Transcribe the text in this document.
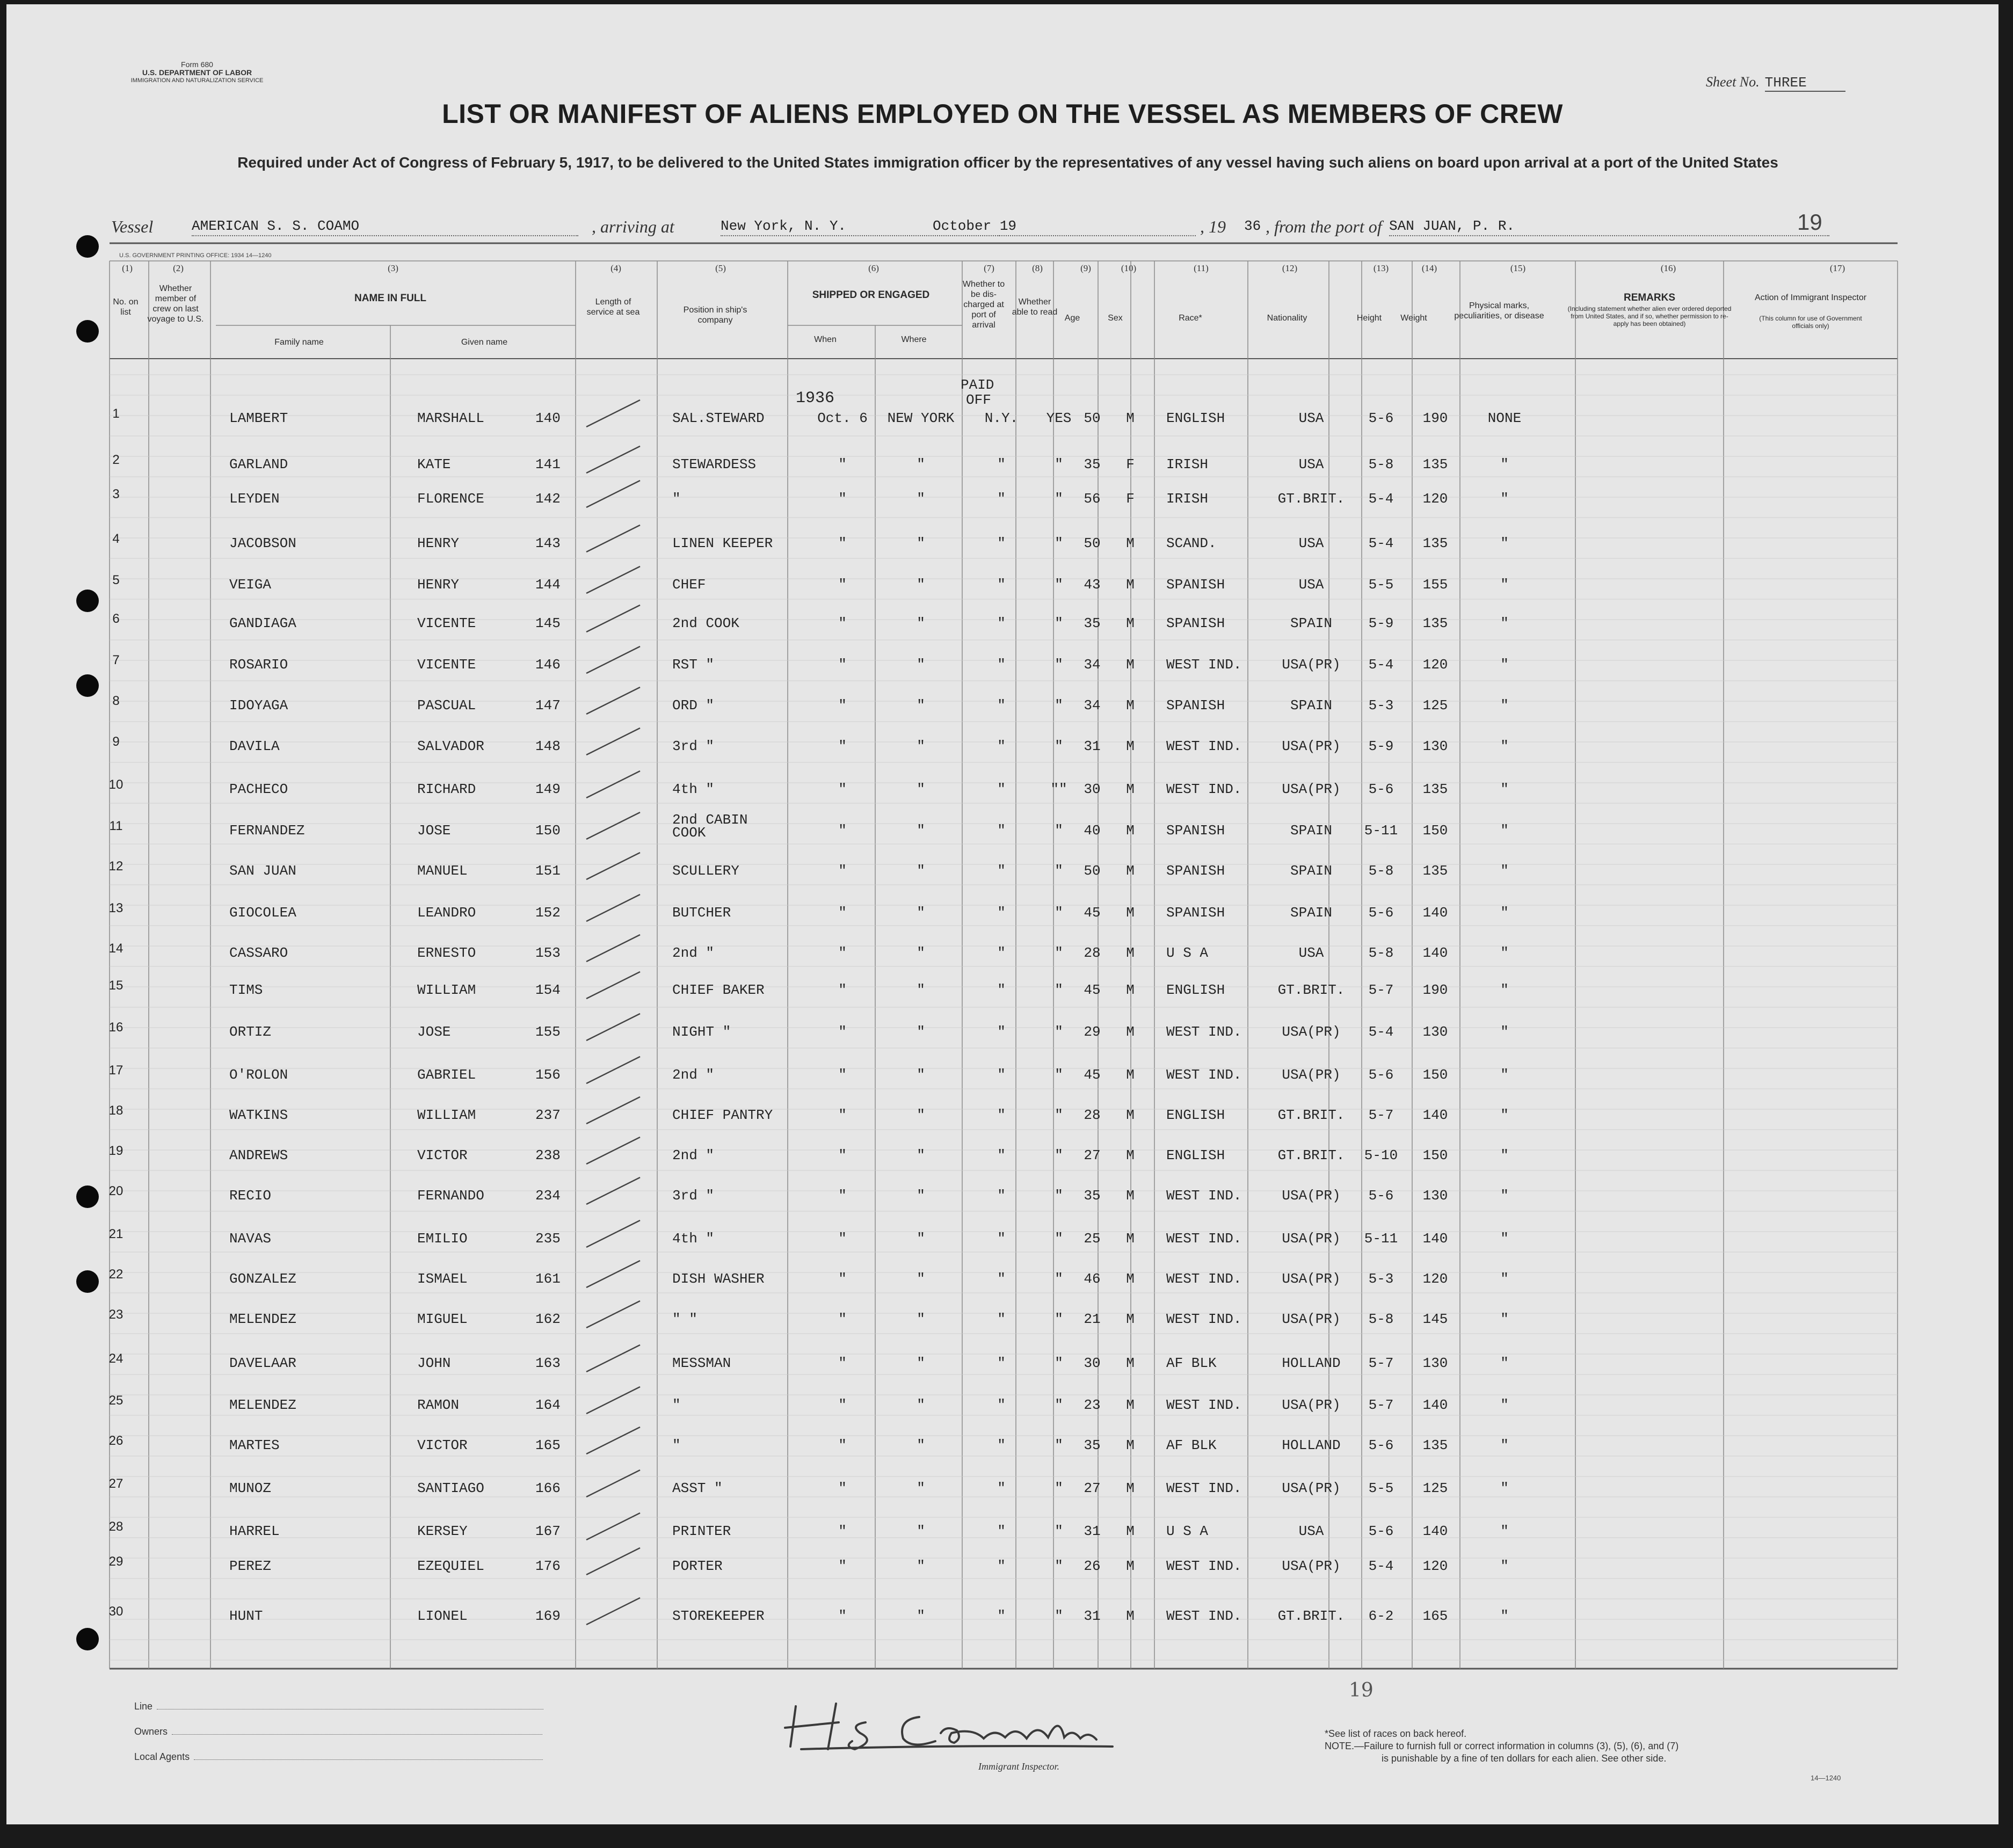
Form 680
U.S. DEPARTMENT OF LABOR
IMMIGRATION AND NATURALIZATION SERVICE	Sheet No. THREE
LIST OR MANIFEST OF ALIENS EMPLOYED ON THE VESSEL AS MEMBERS OF CREW
Required under Act of Congress of February 5, 1917, to be delivered to the United States immigration officer by the representatives of any vessel having such aliens on board upon arrival at a port of the United States
Vessel	AMERICAN S. S. COAMO	, arriving at	New York, N. Y.	October 19	, 19 36 , from the port of SAN JUAN, P. R.	19
U.S. GOVERNMENT PRINTING OFFICE: 1934 14—1240
(1)	(2)	(3)	(4)	(5)	(6)	(7)	(8)	(9)	(10)	(11)	(12)	(13)	(14)	(15)	(16)	(17)
No. on list
Whether member of crew on last voyage to U.S.
NAME IN FULL
Family name	Given name
Length of service at sea	Position in ship's company
SHIPPED OR ENGAGED
When	Where
Whether to be dis-charged at port of arrival
Whether able to read
Age	Sex	Race*	Nationality	Height	Weight
Physical marks, peculiarities, or disease
REMARKS
(Including statement whether alien ever ordered deported from United States, and if so, whether permission to re-apply has been obtained)
Action of Immigrant Inspector
(This column for use of Government officials only)
1936
PAID
OFF
1	LAMBERT	MARSHALL	140	SAL.STEWARD	Oct. 6 NEW YORK N.Y. YES 50 M ENGLISH	USA	5-6 190	NONE
2	GARLAND	KATE	141	STEWARDESS	"	"	"	" 35 F IRISH	USA	5-8 135	"
3	LEYDEN	FLORENCE	142	"	"	"	"	" 56 F IRISH	GT.BRIT. 5-4 120	"
4	JACOBSON	HENRY	143	LINEN KEEPER	"	"	"	" 50 M SCAND.	USA	5-4 135	"
5	VEIGA	HENRY	144	CHEF	"	"	"	" 43 M SPANISH	USA	5-5 155	"
6	GANDIAGA	VICENTE	145	2nd COOK	"	"	"	" 35 M SPANISH	SPAIN	5-9 135	"
7	ROSARIO	VICENTE	146	RST "	"	"	"	" 34 M WEST IND.	USA(PR) 5-4 120	"
8	IDOYAGA	PASCUAL	147	ORD "	"	"	"	" 34 M SPANISH	SPAIN	5-3 125	"
9	DAVILA	SALVADOR	148	3rd "	"	"	"	" 31 M WEST IND.	USA(PR) 5-9 130	"
10	PACHECO	RICHARD	149	4th "	"	"	"	"" 30 M WEST IND.	USA(PR) 5-6 135	"
11	FERNANDEZ	JOSE	150
2nd CABIN COOK	"	"	"	" 40 M SPANISH	SPAIN 5-11 150	"
12	SAN JUAN	MANUEL	151	SCULLERY	"	"	"	" 50 M SPANISH	SPAIN	5-8 135	"
13	GIOCOLEA	LEANDRO	152	BUTCHER	"	"	"	" 45 M SPANISH	SPAIN	5-6 140	"
14	CASSARO	ERNESTO	153	2nd "	"	"	"	" 28 M U S A	USA	5-8 140	"
15	TIMS	WILLIAM	154	CHIEF BAKER	"	"	"	" 45 M ENGLISH	GT.BRIT. 5-7 190	"
16	ORTIZ	JOSE	155	NIGHT "	"	"	"	" 29 M WEST IND.	USA(PR) 5-4 130	"
17	O'ROLON	GABRIEL	156	2nd "	"	"	"	" 45 M WEST IND.	USA(PR) 5-6 150	"
18	WATKINS	WILLIAM	237	CHIEF PANTRY	"	"	"	" 28 M ENGLISH	GT.BRIT. 5-7 140	"
19	ANDREWS	VICTOR	238	2nd "	"	"	"	" 27 M ENGLISH	GT.BRIT. 5-10 150	"
20	RECIO	FERNANDO	234	3rd "	"	"	"	" 35 M WEST IND.	USA(PR) 5-6 130	"
21	NAVAS	EMILIO	235	4th "	"	"	"	" 25 M WEST IND.	USA(PR) 5-11 140	"
22	GONZALEZ	ISMAEL	161	DISH WASHER	"	"	"	" 46 M WEST IND.	USA(PR) 5-3 120	"
23	MELENDEZ	MIGUEL	162	" "	"	"	"	" 21 M WEST IND.	USA(PR) 5-8 145	"
24	DAVELAAR	JOHN	163	MESSMAN	"	"	"	" 30 M AF BLK	HOLLAND 5-7 130	"
25	MELENDEZ	RAMON	164	"	"	"	"	" 23 M WEST IND.	USA(PR) 5-7 140	"
26	MARTES	VICTOR	165	"	"	"	"	" 35 M AF BLK	HOLLAND 5-6 135	"
27	MUNOZ	SANTIAGO	166	ASST "	"	"	"	" 27 M WEST IND.	USA(PR) 5-5 125	"
28	HARREL	KERSEY	167	PRINTER	"	"	"	" 31 M U S A	USA	5-6 140	"
29	PEREZ	EZEQUIEL	176	PORTER	"	"	"	" 26 M WEST IND.	USA(PR) 5-4 120	"
30	HUNT	LIONEL	169	STOREKEEPER	"	"	"	" 31 M WEST IND.	GT.BRIT. 6-2 165	"
Line
Owners
Local Agents
Immigrant Inspector.
19

*See list of races on back hereof.

NOTE.—Failure to furnish full or correct information in columns (3), (5), (6), and (7)

is punishable by a fine of ten dollars for each alien. See other side.

14—1240
